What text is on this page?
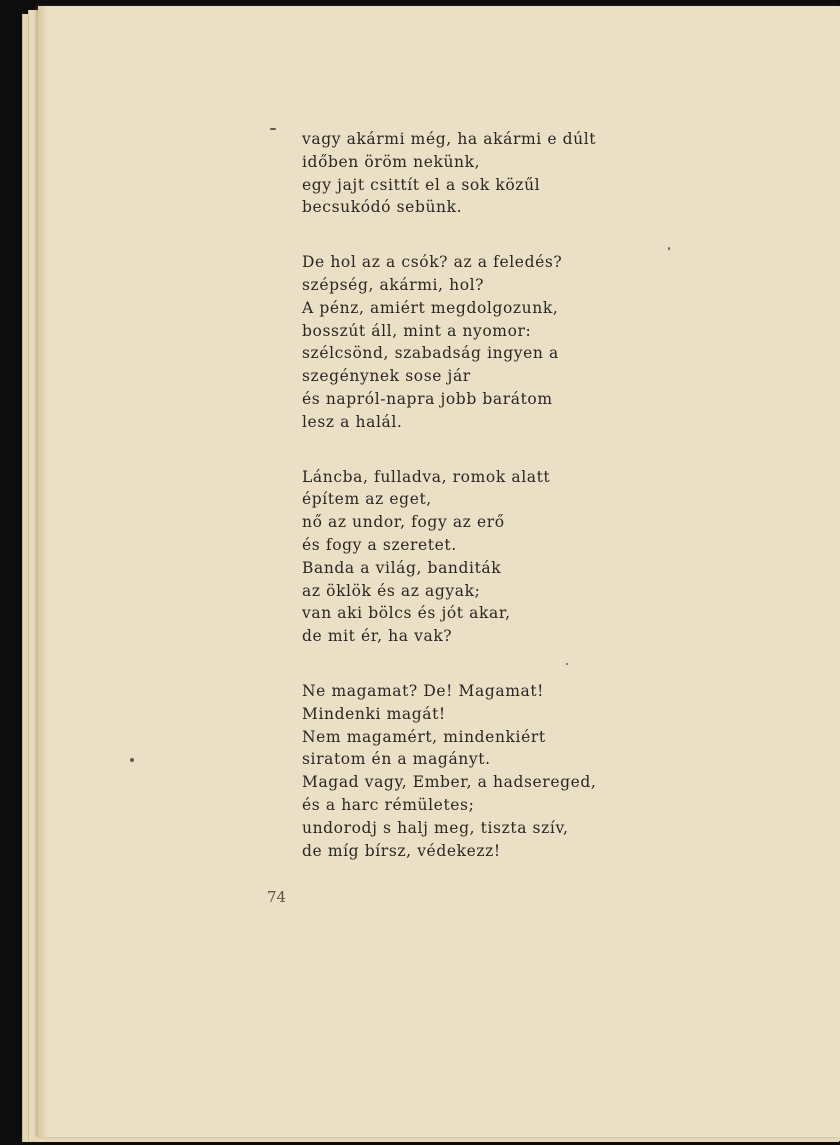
vagy akármi még, ha akármi e dúlt
időben öröm nekünk,
egy jajt csittít el a sok közűl
becsukódó sebünk.
De hol az a csók? az a feledés?
szépség, akármi, hol?
A pénz, amiért megdolgozunk,
bosszút áll, mint a nyomor:
szélcsönd, szabadság ingyen a
szegénynek sose jár
és napról-napra jobb barátom
lesz a halál.
Láncba, fulladva, romok alatt
építem az eget,
nő az undor, fogy az erő
és fogy a szeretet.
Banda a világ, banditák
az öklök és az agyak;
van aki bölcs és jót akar,
de mit ér, ha vak?
Ne magamat? De! Magamat!
Mindenki magát!
Nem magamért, mindenkiért
siratom én a magányt.
Magad vagy, Ember, a hadsereged,
és a harc rémületes;
undorodj s halj meg, tiszta szív,
de míg bírsz, védekezz!
74
